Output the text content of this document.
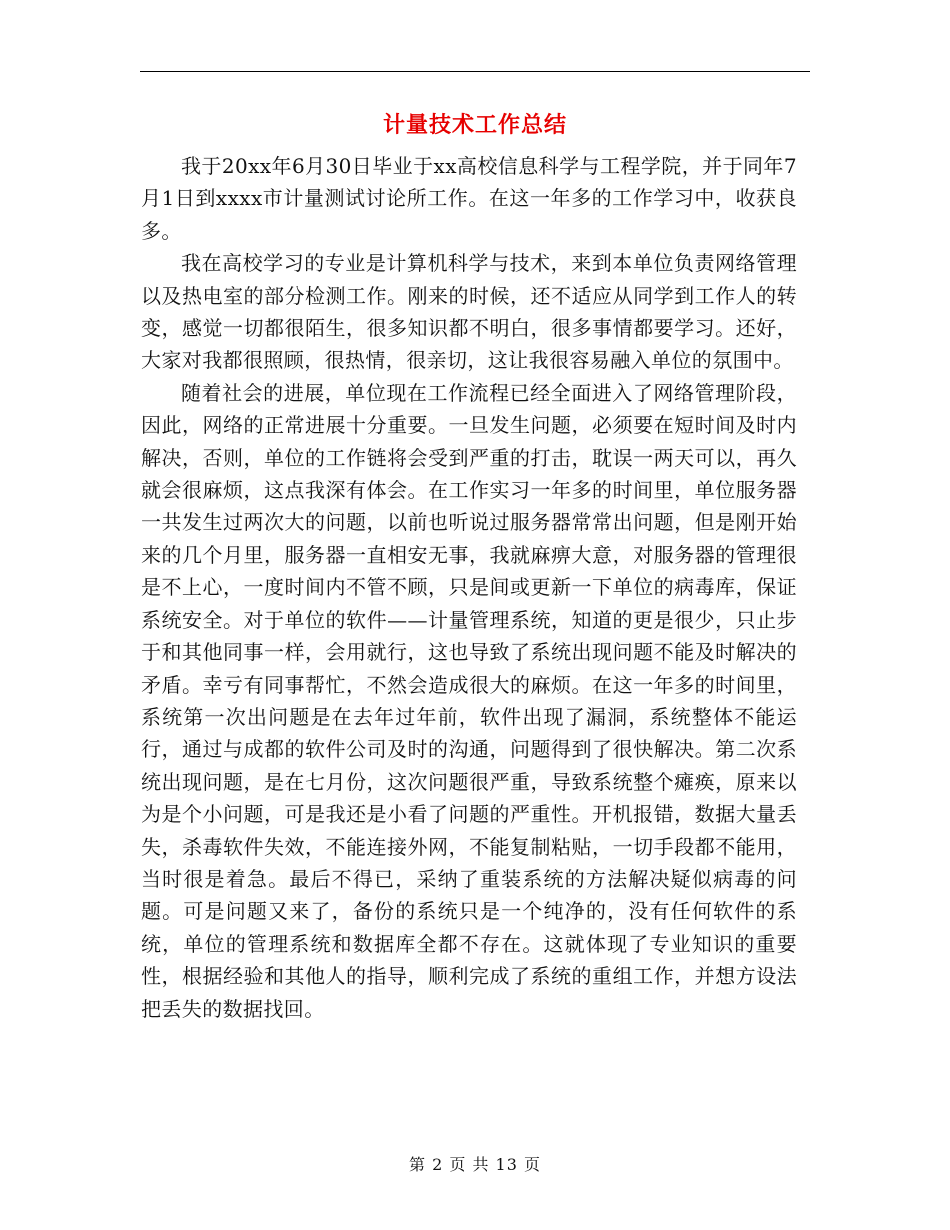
计量技术工作总结

我于20xx年6月30日毕业于xx高校信息科学与工程学院，并于同年7月1日到xxxx市计量测试讨论所工作。在这一年多的工作学习中，收获良多。

我在高校学习的专业是计算机科学与技术，来到本单位负责网络管理以及热电室的部分检测工作。刚来的时候，还不适应从同学到工作人的转变，感觉一切都很陌生，很多知识都不明白，很多事情都要学习。还好，大家对我都很照顾，很热情，很亲切，这让我很容易融入单位的氛围中。

随着社会的进展，单位现在工作流程已经全面进入了网络管理阶段，因此，网络的正常进展十分重要。一旦发生问题，必须要在短时间及时内解决，否则，单位的工作链将会受到严重的打击，耽误一两天可以，再久就会很麻烦，这点我深有体会。在工作实习一年多的时间里，单位服务器一共发生过两次大的问题，以前也听说过服务器常常出问题，但是刚开始来的几个月里，服务器一直相安无事，我就麻痹大意，对服务器的管理很是不上心，一度时间内不管不顾，只是间或更新一下单位的病毒库，保证系统安全。对于单位的软件——计量管理系统，知道的更是很少，只止步于和其他同事一样，会用就行，这也导致了系统出现问题不能及时解决的矛盾。幸亏有同事帮忙，不然会造成很大的麻烦。在这一年多的时间里，系统第一次出问题是在去年过年前，软件出现了漏洞，系统整体不能运行，通过与成都的软件公司及时的沟通，问题得到了很快解决。第二次系统出现问题，是在七月份，这次问题很严重，导致系统整个瘫痪，原来以为是个小问题，可是我还是小看了问题的严重性。开机报错，数据大量丢失，杀毒软件失效，不能连接外网，不能复制粘贴，一切手段都不能用，当时很是着急。最后不得已，采纳了重装系统的方法解决疑似病毒的问题。可是问题又来了，备份的系统只是一个纯净的，没有任何软件的系统，单位的管理系统和数据库全都不存在。这就体现了专业知识的重要性，根据经验和其他人的指导，顺利完成了系统的重组工作，并想方设法把丢失的数据找回。

第 2 页 共 13 页
